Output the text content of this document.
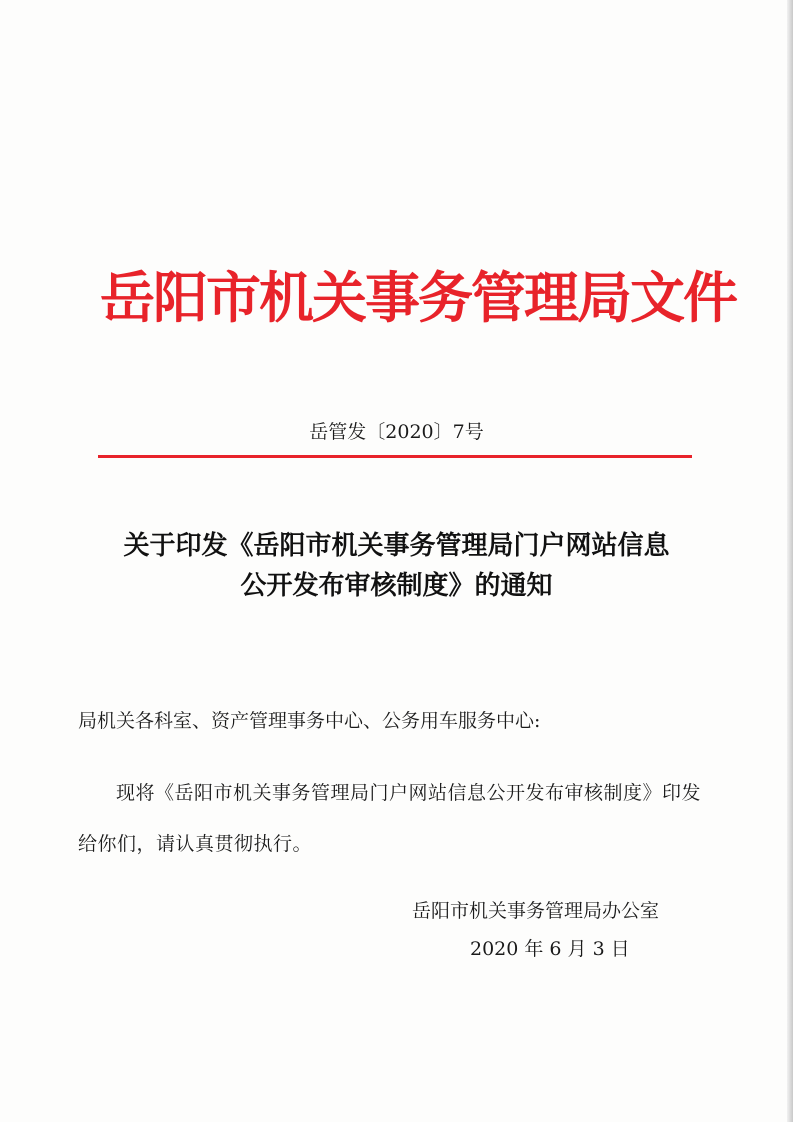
岳阳市机关事务管理局文件
岳管发〔2020〕7号
关于印发《岳阳市机关事务管理局门户网站信息
公开发布审核制度》的通知
局机关各科室、资产管理事务中心、公务用车服务中心:

现将《岳阳市机关事务管理局门户网站信息公开发布审核制度》印发给你们，请认真贯彻执行。

岳阳市机关事务管理局办公室
2020 年 6 月 3 日
